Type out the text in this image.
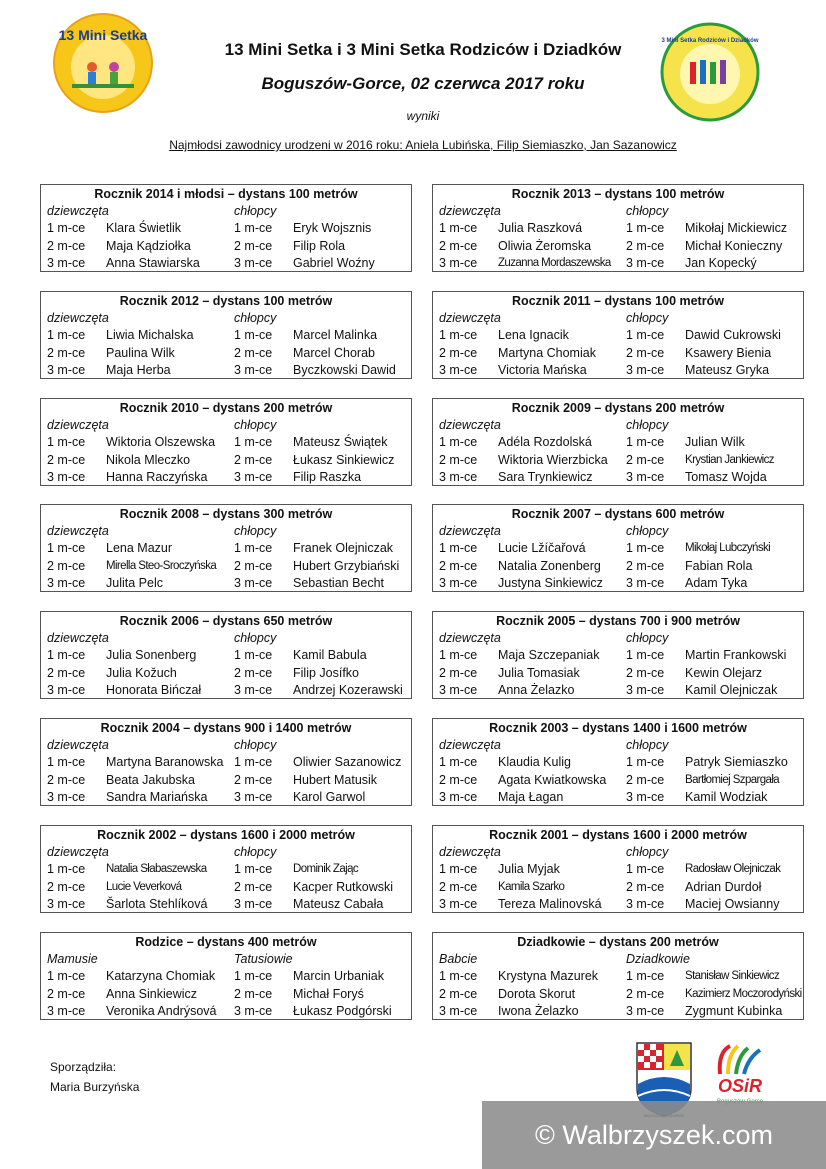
13 Mini Setka
13 Mini Setka i 3 Mini Setka Rodziców i Dziadków
Boguszów-Gorce, 02 czerwca 2017 roku
wyniki
Najmłodsi zawodnicy urodzeni w 2016 roku: Aniela Lubińska, Filip Siemiaszko, Jan Sazanowicz
3 Mini Setka Rodziców i Dziadków
Rocznik 2014 i młodsi – dystans 100 metrów
dziewczęta	chłopcy
1 m-ce Klara Świetlik	1 m-ce Eryk Wojsznis
2 m-ce Maja Kądziołka	2 m-ce Filip Rola
3 m-ce Anna Stawiarska	3 m-ce Gabriel Woźny
Rocznik 2013 – dystans 100 metrów
dziewczęta	chłopcy
1 m-ce Julia Raszková	1 m-ce Mikołaj Mickiewicz
2 m-ce Oliwia Żeromska	2 m-ce Michał Konieczny
3 m-ce Zuzanna Mordaszewska 3 m-ce Jan Kopecký
Rocznik 2012 – dystans 100 metrów
dziewczęta	chłopcy
1 m-ce Liwia Michalska	1 m-ce Marcel Malinka
2 m-ce Paulina Wilk	2 m-ce Marcel Chorab
3 m-ce Maja Herba	3 m-ce Byczkowski Dawid
Rocznik 2011 – dystans 100 metrów
dziewczęta	chłopcy
1 m-ce Lena Ignacik	1 m-ce Dawid Cukrowski
2 m-ce Martyna Chomiak 2 m-ce Ksawery Bienia
3 m-ce Victoria Mańska	3 m-ce Mateusz Gryka
Rocznik 2010 – dystans 200 metrów
dziewczęta	chłopcy
1 m-ce Wiktoria Olszewska 1 m-ce Mateusz Świątek
2 m-ce Nikola Mleczko	2 m-ce Łukasz Sinkiewicz
3 m-ce Hanna Raczyńska 3 m-ce Filip Raszka
Rocznik 2009 – dystans 200 metrów
dziewczęta	chłopcy
1 m-ce Adéla Rozdolská	1 m-ce Julian Wilk
2 m-ce Wiktoria Wierzbicka 2 m-ce Krystian Jankiewicz
3 m-ce Sara Trynkiewicz	3 m-ce Tomasz Wojda
Rocznik 2008 – dystans 300 metrów
dziewczęta	chłopcy
1 m-ce Lena Mazur	1 m-ce Franek Olejniczak
2 m-ce Mirella Steo-Sroczyńska 2 m-ce Hubert Grzybiański
3 m-ce Julita Pelc	3 m-ce Sebastian Becht
Rocznik 2007 – dystans 600 metrów
dziewczęta	chłopcy
1 m-ce Lucie Lžíčařová	1 m-ce Mikołaj Lubczyński
2 m-ce Natalia Zonenberg 2 m-ce Fabian Rola
3 m-ce Justyna Sinkiewicz 3 m-ce Adam Tyka
Rocznik 2006 – dystans 650 metrów
dziewczęta	chłopcy
1 m-ce Julia Sonenberg	1 m-ce Kamil Babula
2 m-ce Julia Kožuch	2 m-ce Filip Josífko
3 m-ce Honorata Bińczał	3 m-ce Andrzej Kozerawski
Rocznik 2005 – dystans 700 i 900 metrów
dziewczęta	chłopcy
1 m-ce Maja Szczepaniak 1 m-ce Martin Frankowski
2 m-ce Julia Tomasiak	2 m-ce Kewin Olejarz
3 m-ce Anna Żelazko	3 m-ce Kamil Olejniczak
Rocznik 2004 – dystans 900 i 1400 metrów
dziewczęta	chłopcy
1 m-ce Martyna Baranowska 1 m-ce Oliwier Sazanowicz
2 m-ce Beata Jakubska	2 m-ce Hubert Matusik
3 m-ce Sandra Mariańska 3 m-ce Karol Garwol
Rocznik 2003 – dystans 1400 i 1600 metrów
dziewczęta	chłopcy
1 m-ce Klaudia Kulig	1 m-ce Patryk Siemiaszko
2 m-ce Agata Kwiatkowska 2 m-ce Bartłomiej Szpargała
3 m-ce Maja Łagan	3 m-ce Kamil Wodziak
Rocznik 2002 – dystans 1600 i 2000 metrów
dziewczęta	chłopcy
1 m-ce Natalia Słabaszewska 1 m-ce Dominik Zając
2 m-ce Lucie Veverková	2 m-ce Kacper Rutkowski
3 m-ce Šarlota Stehlíková 3 m-ce Mateusz Cabała
Rocznik 2001 – dystans 1600 i 2000 metrów
dziewczęta	chłopcy
1 m-ce Julia Myjak	1 m-ce Radosław Olejniczak
2 m-ce Kamila Szarko	2 m-ce Adrian Durdoł
3 m-ce Tereza Malinovská 3 m-ce Maciej Owsianny
Rodzice – dystans 400 metrów
Mamusie	Tatusiowie
1 m-ce Katarzyna Chomiak 1 m-ce Marcin Urbaniak
2 m-ce Anna Sinkiewicz	2 m-ce Michał Foryś
3 m-ce Veronika Andrýsová 3 m-ce Łukasz Podgórski
Dziadkowie – dystans 200 metrów
Babcie	Dziadkowie
1 m-ce Krystyna Mazurek 1 m-ce Stanisław Sinkiewicz
2 m-ce Dorota Skorut	2 m-ce Kazimierz Moczorodyński
3 m-ce Iwona Żelazko	3 m-ce Zygmunt Kubinka
Sporządziła:
Maria Burzyńska	OSiR
© Walbrzyszek.com
